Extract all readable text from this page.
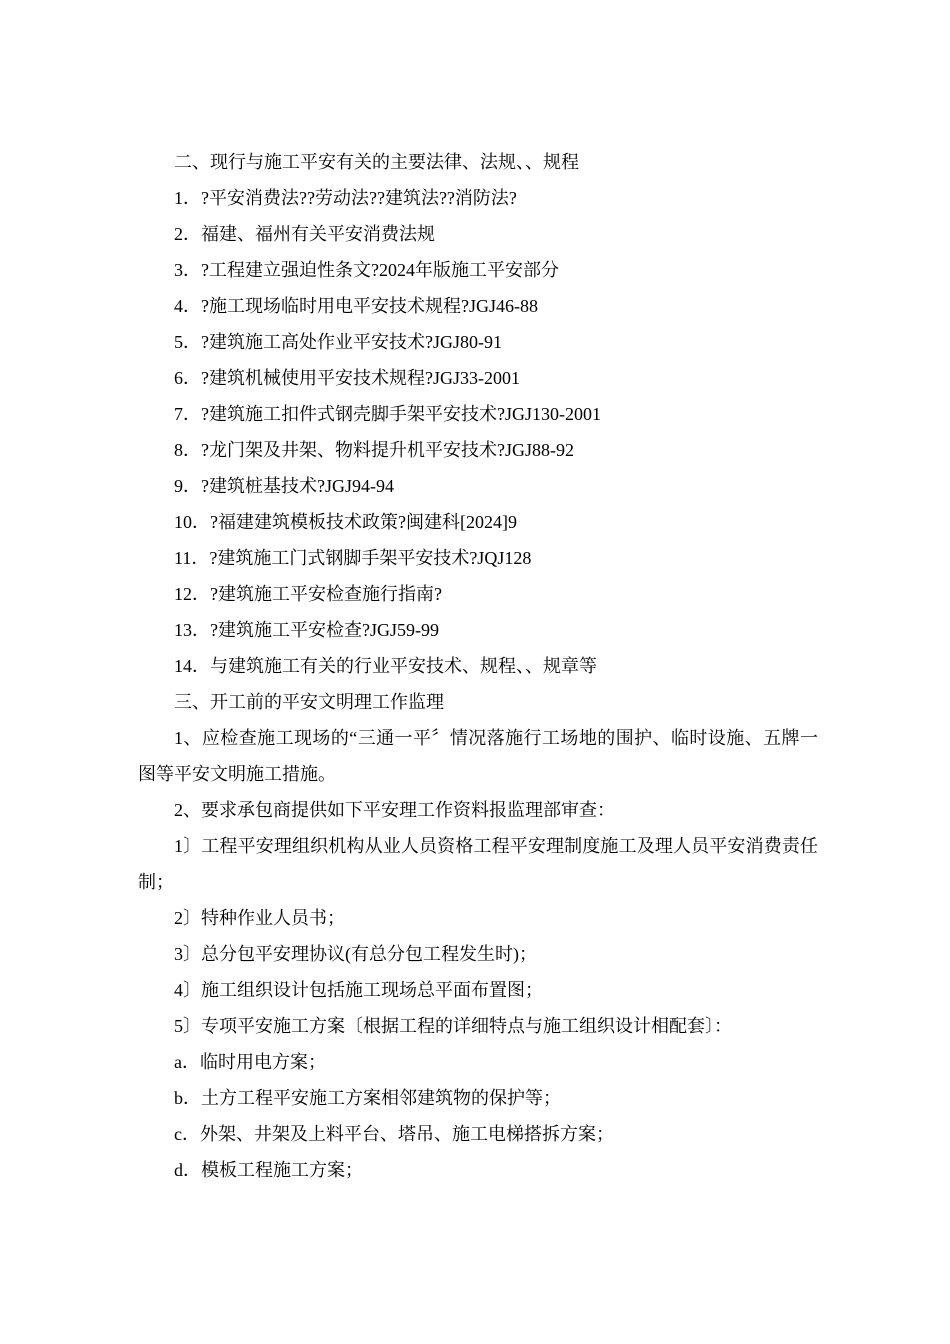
二、现行与施工平安有关的主要法律、法规、、规程

1．?平安消费法??劳动法??建筑法??消防法?

2．福建、福州有关平安消费法规

3．?工程建立强迫性条文?2024年版施工平安部分

4．?施工现场临时用电平安技术规程?JGJ46-88

5．?建筑施工高处作业平安技术?JGJ80-91

6．?建筑机械使用平安技术规程?JGJ33-2001

7．?建筑施工扣件式钢壳脚手架平安技术?JGJ130-2001

8．?龙门架及井架、物料提升机平安技术?JGJ88-92

9．?建筑桩基技术?JGJ94-94

10．?福建建筑模板技术政策?闽建科[2024]9

11．?建筑施工门式钢脚手架平安技术?JQJ128

12．?建筑施工平安检查施行指南?

13．?建筑施工平安检查?JGJ59-99

14．与建筑施工有关的行业平安技术、规程、、规章等

三、开工前的平安文明理工作监理

1、应检查施工现场的“三通一平〞情况落施行工场地的围护、临时设施、五牌一图等平安文明施工措施。

2、要求承包商提供如下平安理工作资料报监理部审查：

1〕工程平安理组织机构从业人员资格工程平安理制度施工及理人员平安消费责任制；

2〕特种作业人员书；

3〕总分包平安理协议(有总分包工程发生时)；

4〕施工组织设计包括施工现场总平面布置图；

5〕专项平安施工方案〔根据工程的详细特点与施工组织设计相配套〕：

a．临时用电方案；

b．土方工程平安施工方案相邻建筑物的保护等；

c．外架、井架及上料平台、塔吊、施工电梯搭拆方案；

d．模板工程施工方案；
